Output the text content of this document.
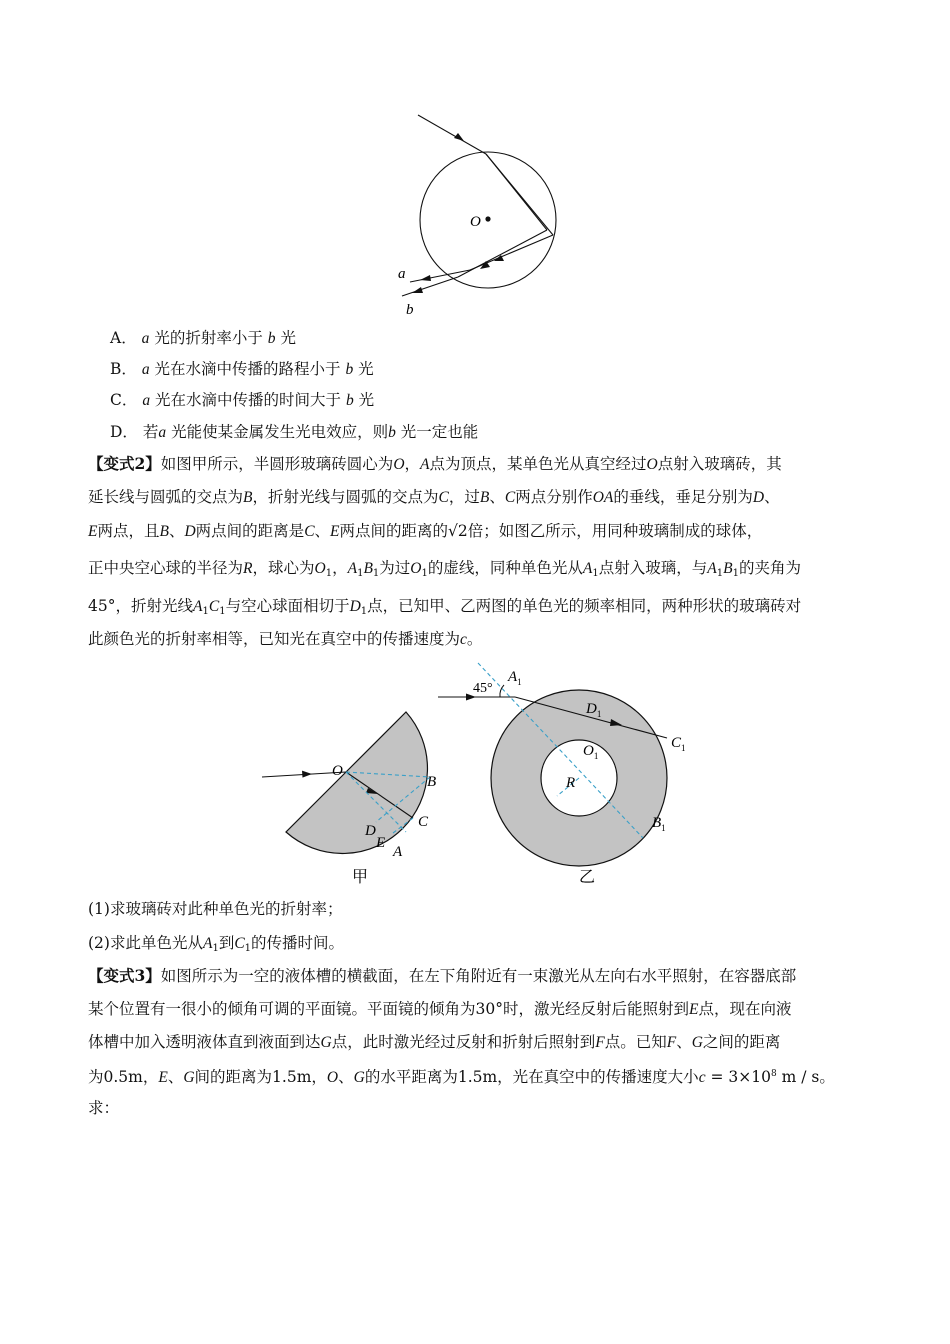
O
a
b
A． a 光的折射率小于 b 光
B． a 光在水滴中传播的路程小于 b 光
C． a 光在水滴中传播的时间大于 b 光
D． 若a 光能使某金属发生光电效应，则b 光一定也能
【变式2】如图甲所示，半圆形玻璃砖圆心为O，A点为顶点，某单色光从真空经过O点射入玻璃砖，其
延长线与圆弧的交点为B，折射光线与圆弧的交点为C，过B、C两点分别作OA的垂线，垂足分别为D、
E两点，且B、D两点间的距离是C、E两点间的距离的√2倍；如图乙所示，用同种玻璃制成的球体，
正中央空心球的半径为R，球心为$O_1$，$A_1B_1$为过$O_1$的虚线，同种单色光从$A_1$点射入玻璃，与$A_1B_1$的夹角为
45°，折射光线$A_1C_1$与空心球面相切于$D_1$点，已知甲、乙两图的单色光的频率相同，两种形状的玻璃砖对
此颜色光的折射率相等，已知光在真空中的传播速度为c。
O
B
C
D
E
A
甲
45°
$A_1$
$D_1$
$C_1$
$O_1$
R
$B_1$
乙
(1)求玻璃砖对此种单色光的折射率；
(2)求此单色光从$A_1$到$C_1$的传播时间。
【变式3】如图所示为一空的液体槽的横截面，在左下角附近有一束激光从左向右水平照射，在容器底部
某个位置有一很小的倾角可调的平面镜。平面镜的倾角为30°时，激光经反射后能照射到E点，现在向液
体槽中加入透明液体直到液面到达G点，此时激光经过反射和折射后照射到F点。已知F、G之间的距离
为0.5m，E、G间的距离为1.5m，O、G的水平距离为1.5m，光在真空中的传播速度大小$c = 3\times 10^8$ m / s。
求：
